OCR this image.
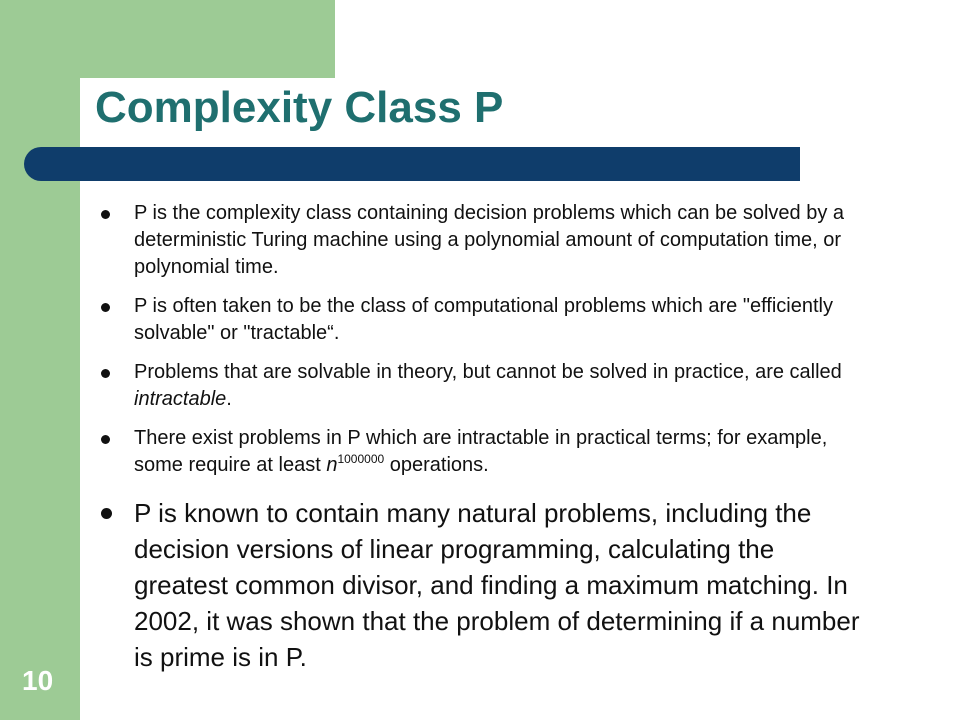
Complexity Class P
P is the complexity class containing decision problems which can be solved by a deterministic Turing machine using a polynomial amount of computation time, or polynomial time.
P is often taken to be the class of computational problems which are "efficiently solvable" or "tractable“.
Problems that are solvable in theory, but cannot be solved in practice, are called intractable.
There exist problems in P which are intractable in practical terms; for example, some require at least $n^{1000000}$ operations.
P is known to contain many natural problems, including the decision versions of linear programming, calculating the greatest common divisor, and finding a maximum matching. In 2002, it was shown that the problem of determining if a number is prime is in P.
10
